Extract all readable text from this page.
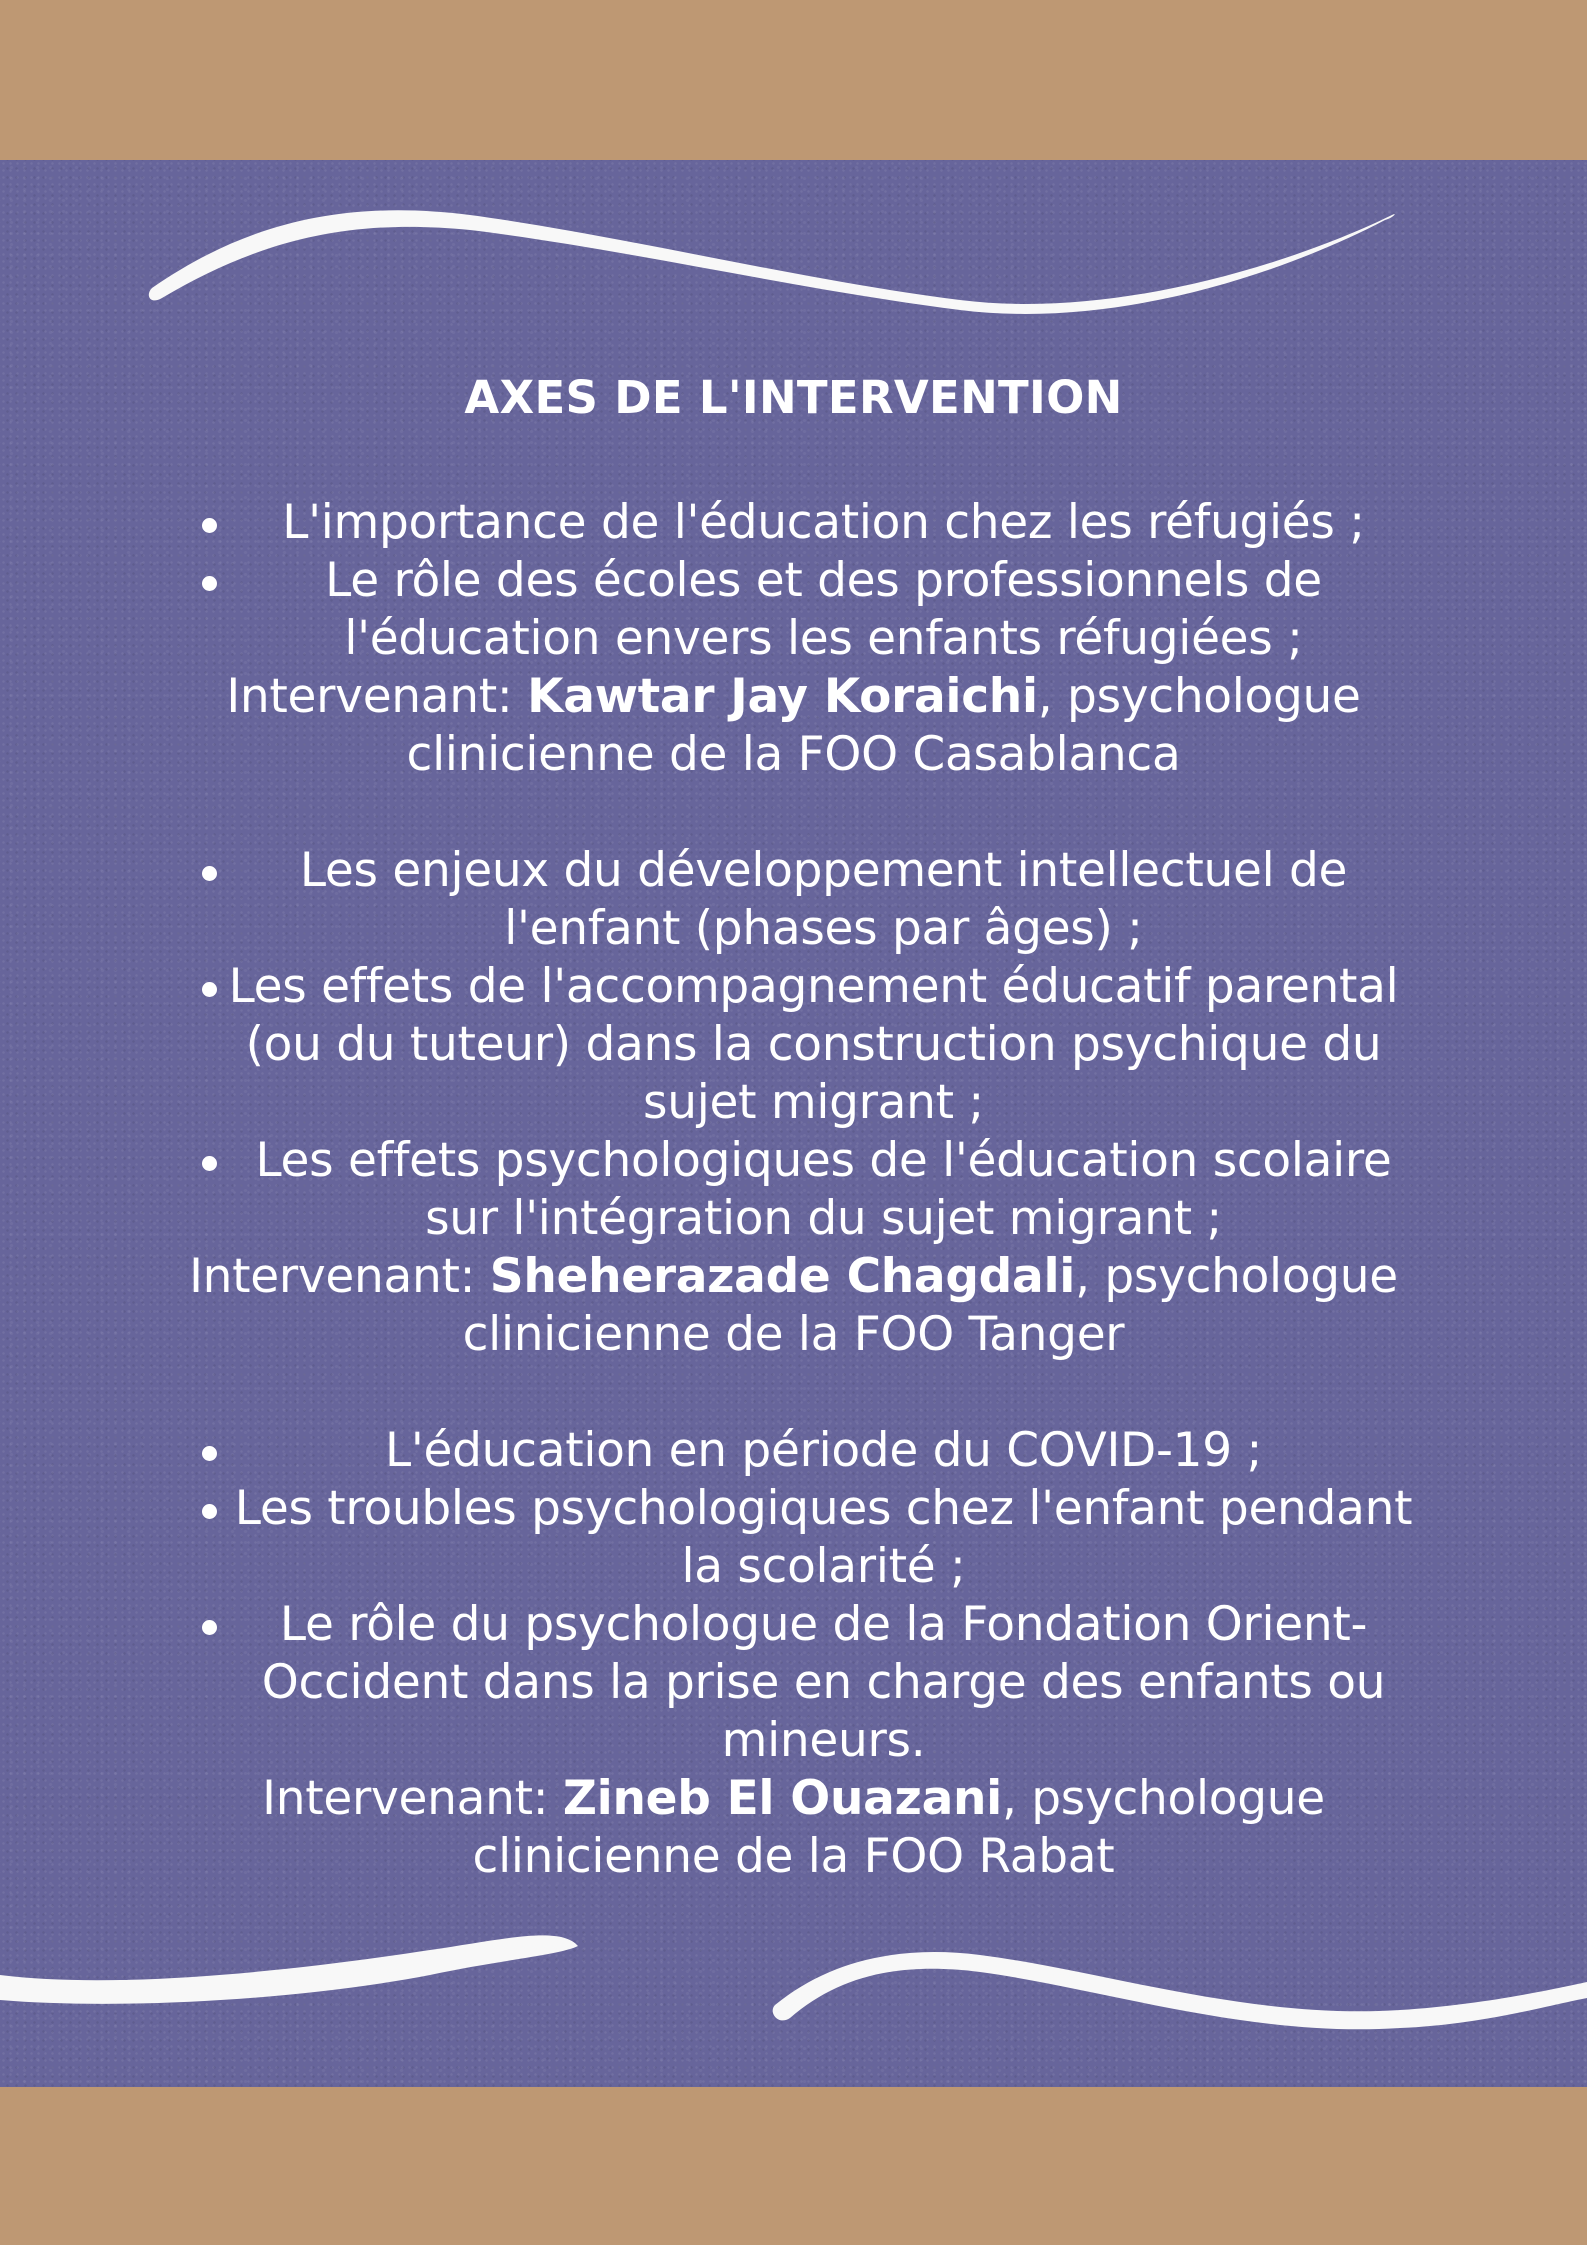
AXES DE L'INTERVENTION
L'importance de l'éducation chez les réfugiés ;
Le rôle des écoles et des professionnels de l'éducation envers les enfants réfugiées ;

Intervenant: Kawtar Jay Koraichi, psychologue clinicienne de la FOO Casablanca

Les enjeux du développement intellectuel de l'enfant (phases par âges) ;
Les effets de l'accompagnement éducatif parental (ou du tuteur) dans la construction psychique du sujet migrant ;
Les effets psychologiques de l'éducation scolaire sur l'intégration du sujet migrant ;

Intervenant: Sheherazade Chagdali, psychologue clinicienne de la FOO Tanger

L'éducation en période du COVID-19 ;
Les troubles psychologiques chez l'enfant pendant la scolarité ;
Le rôle du psychologue de la Fondation Orient-Occident dans la prise en charge des enfants ou mineurs.

Intervenant: Zineb El Ouazani, psychologue clinicienne de la FOO Rabat
